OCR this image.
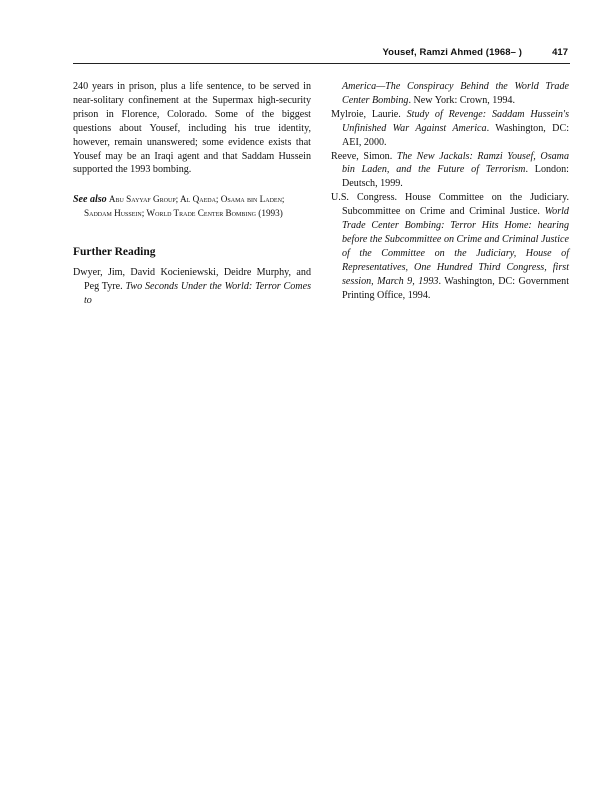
Yousef, Ramzi Ahmed (1968– )	417

240 years in prison, plus a life sentence, to be served in near-solitary confinement at the Supermax high-security prison in Florence, Colorado. Some of the biggest questions about Yousef, including his true identity, however, remain unanswered; some evidence exists that Yousef may be an Iraqi agent and that Saddam Hussein supported the 1993 bombing.

See also Abu Sayyaf Group; Al Qaeda; Osama bin Laden; Saddam Hussein; World Trade Center Bombing (1993)

Further Reading

Dwyer, Jim, David Kocieniewski, Deidre Murphy, and Peg Tyre. Two Seconds Under the World: Terror Comes to

America—The Conspiracy Behind the World Trade Center Bombing. New York: Crown, 1994.

Mylroie, Laurie. Study of Revenge: Saddam Hussein's Unfinished War Against America. Washington, DC: AEI, 2000.

Reeve, Simon. The New Jackals: Ramzi Yousef, Osama bin Laden, and the Future of Terrorism. London: Deutsch, 1999.

U.S. Congress. House Committee on the Judiciary. Subcommittee on Crime and Criminal Justice. World Trade Center Bombing: Terror Hits Home: hearing before the Subcommittee on Crime and Criminal Justice of the Committee on the Judiciary, House of Representatives, One Hundred Third Congress, first session, March 9, 1993. Washington, DC: Government Printing Office, 1994.
